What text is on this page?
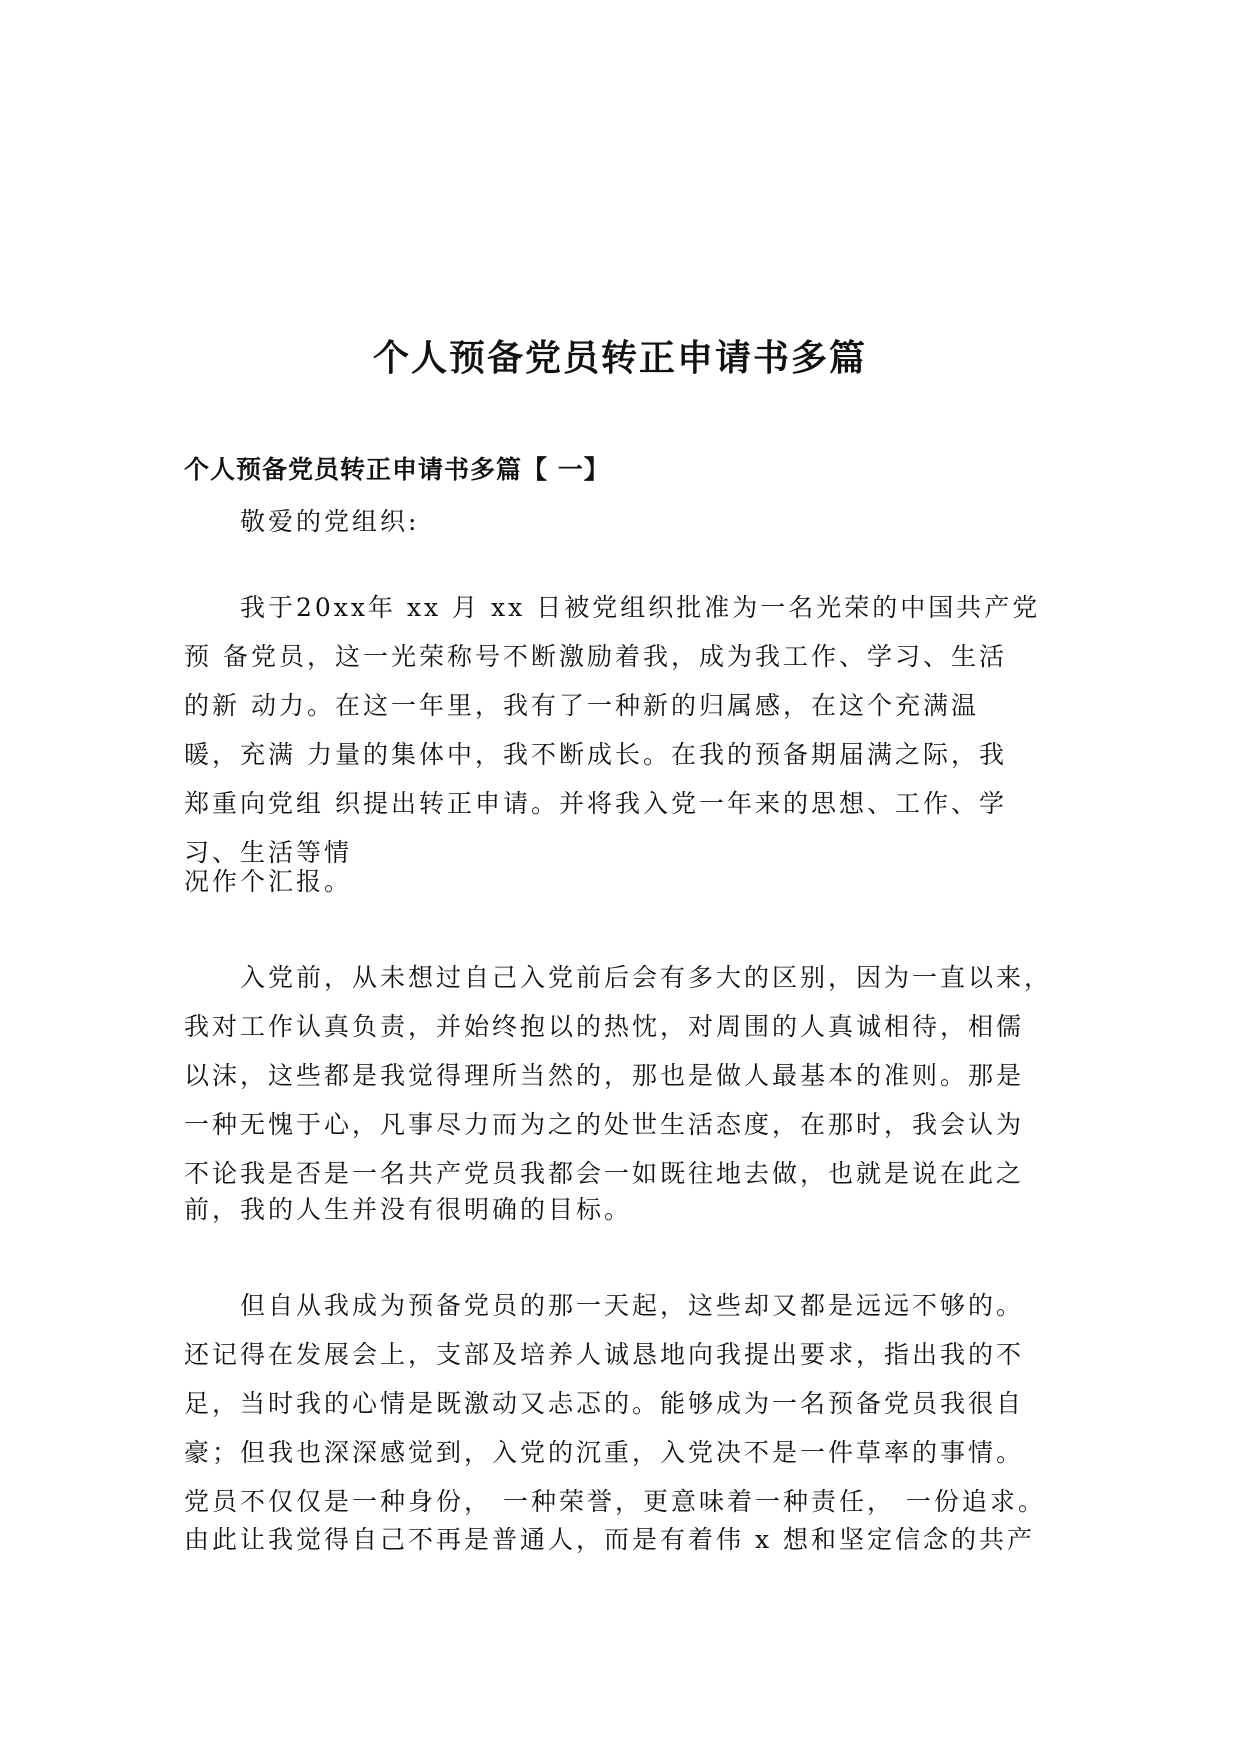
个人预备党员转正申请书多篇
个人预备党员转正申请书多篇【 一】

敬爱的党组织:

我于20xx年 xx 月 xx 日被党组织批准为一名光荣的中国共产党
预 备党员，这一光荣称号不断激励着我，成为我工作、学习、生活
的新 动力。在这一年里，我有了一种新的归属感，在这个充满温
暖，充满 力量的集体中，我不断成长。在我的预备期届满之际，我
郑重向党组 织提出转正申请。并将我入党一年来的思想、工作、学
习、生活等情

况作个汇报。

入党前，从未想过自己入党前后会有多大的区别，因为一直以来，
我对工作认真负责，并始终抱以的热忱，对周围的人真诚相待，相儒
以沫，这些都是我觉得理所当然的，那也是做人最基本的准则。那是
一种无愧于心，凡事尽力而为之的处世生活态度，在那时，我会认为
不论我是否是一名共产党员我都会一如既往地去做，也就是说在此之

前，我的人生并没有很明确的目标。

但自从我成为预备党员的那一天起，这些却又都是远远不够的。
还记得在发展会上，支部及培养人诚恳地向我提出要求，指出我的不
足，当时我的心情是既激动又忐忑的。能够成为一名预备党员我很自
豪；但我也深深感觉到，入党的沉重，入党决不是一件草率的事情。
党员不仅仅是一种身份， 一种荣誉，更意味着一种责任， 一份追求。

由此让我觉得自己不再是普通人，而是有着伟 x 想和坚定信念的共产
